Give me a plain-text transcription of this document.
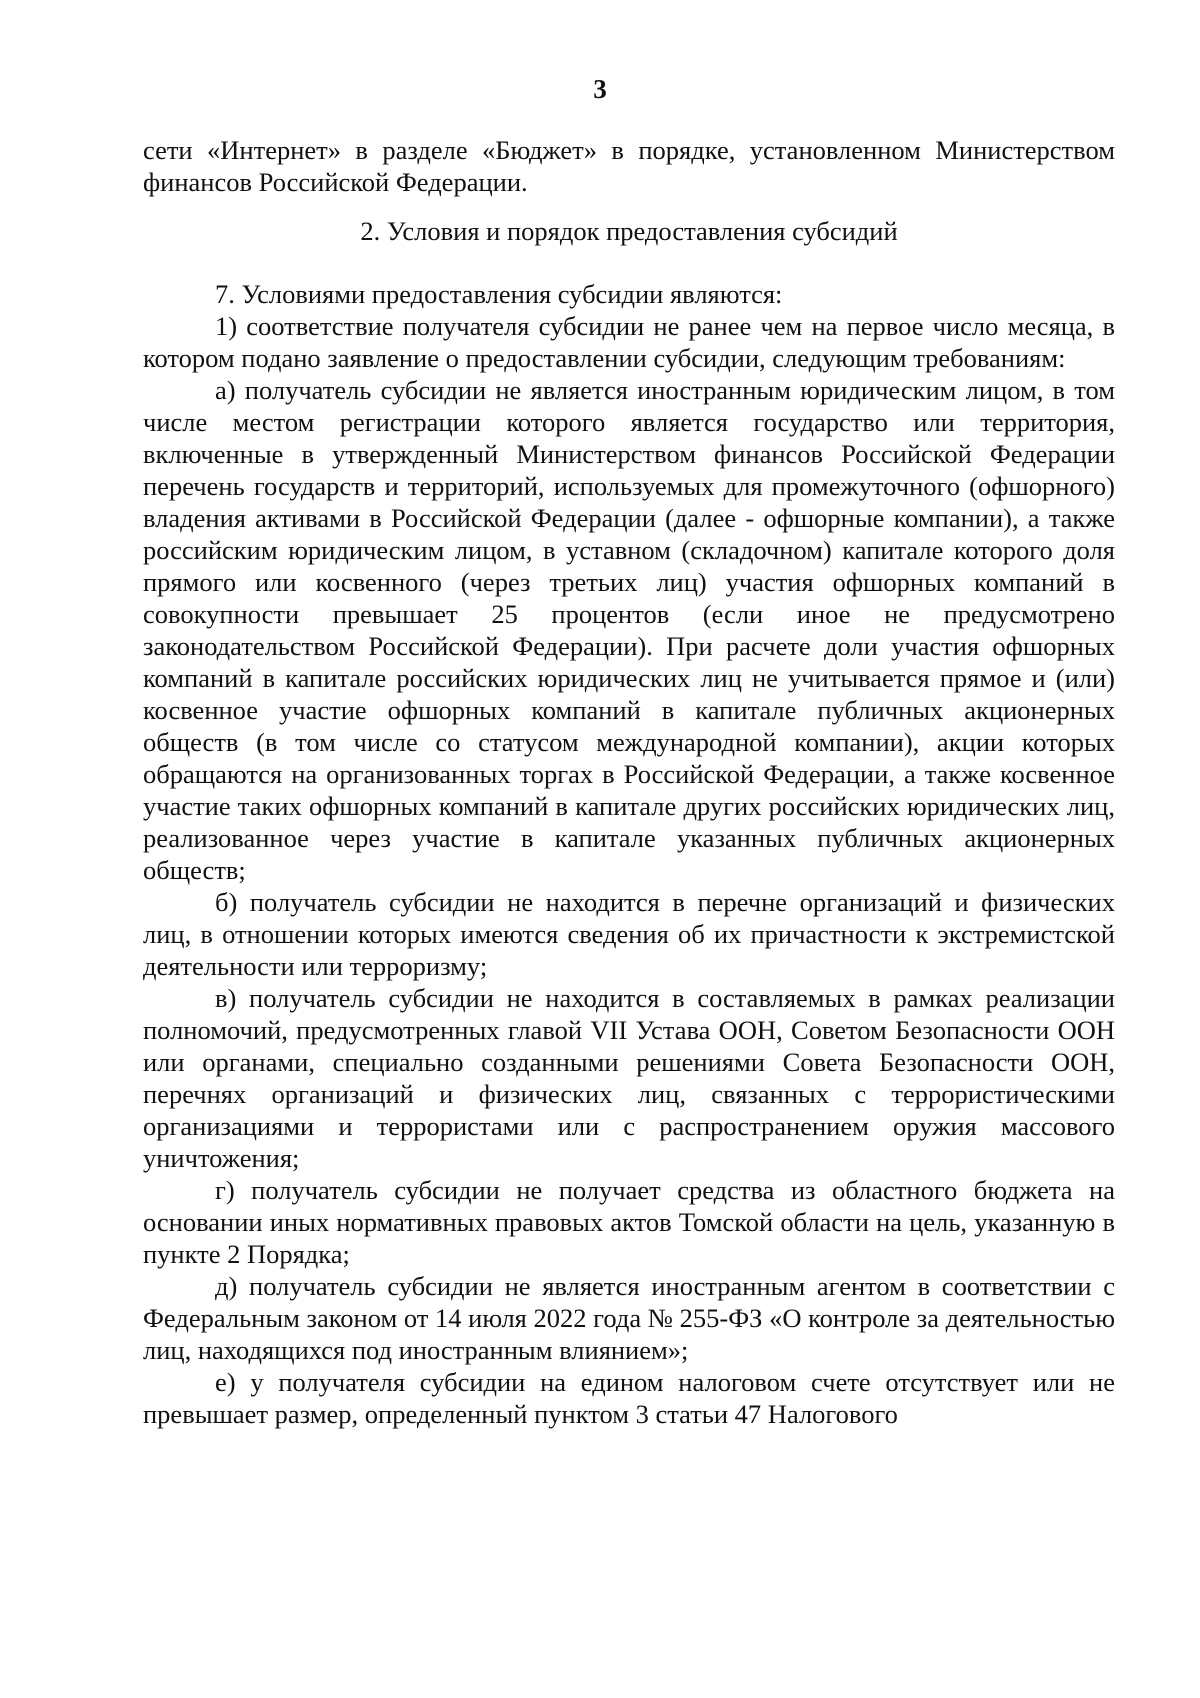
3

сети «Интернет» в разделе «Бюджет» в порядке, установленном Министерством финансов Российской Федерации.

2. Условия и порядок предоставления субсидий

7. Условиями предоставления субсидии являются:

1) соответствие получателя субсидии не ранее чем на первое число месяца, в котором подано заявление о предоставлении субсидии, следующим требованиям:

а) получатель субсидии не является иностранным юридическим лицом, в том числе местом регистрации которого является государство или территория, включенные в утвержденный Министерством финансов Российской Федерации перечень государств и территорий, используемых для промежуточного (офшорного) владения активами в Российской Федерации (далее - офшорные компании), а также российским юридическим лицом, в уставном (складочном) капитале которого доля прямого или косвенного (через третьих лиц) участия офшорных компаний в совокупности превышает 25 процентов (если иное не предусмотрено законодательством Российской Федерации). При расчете доли участия офшорных компаний в капитале российских юридических лиц не учитывается прямое и (или) косвенное участие офшорных компаний в капитале публичных акционерных обществ (в том числе со статусом международной компании), акции которых обращаются на организованных торгах в Российской Федерации, а также косвенное участие таких офшорных компаний в капитале других российских юридических лиц, реализованное через участие в капитале указанных публичных акционерных обществ;

б) получатель субсидии не находится в перечне организаций и физических лиц, в отношении которых имеются сведения об их причастности к экстремистской деятельности или терроризму;

в) получатель субсидии не находится в составляемых в рамках реализации полномочий, предусмотренных главой VII Устава ООН, Советом Безопасности ООН или органами, специально созданными решениями Совета Безопасности ООН, перечнях организаций и физических лиц, связанных с террористическими организациями и террористами или с распространением оружия массового уничтожения;

г) получатель субсидии не получает средства из областного бюджета на основании иных нормативных правовых актов Томской области на цель, указанную в пункте 2 Порядка;

д) получатель субсидии не является иностранным агентом в соответствии с Федеральным законом от 14 июля 2022 года № 255-ФЗ «О контроле за деятельностью лиц, находящихся под иностранным влиянием»;

е) у получателя субсидии на едином налоговом счете отсутствует или не превышает размер, определенный пунктом 3 статьи 47 Налогового
